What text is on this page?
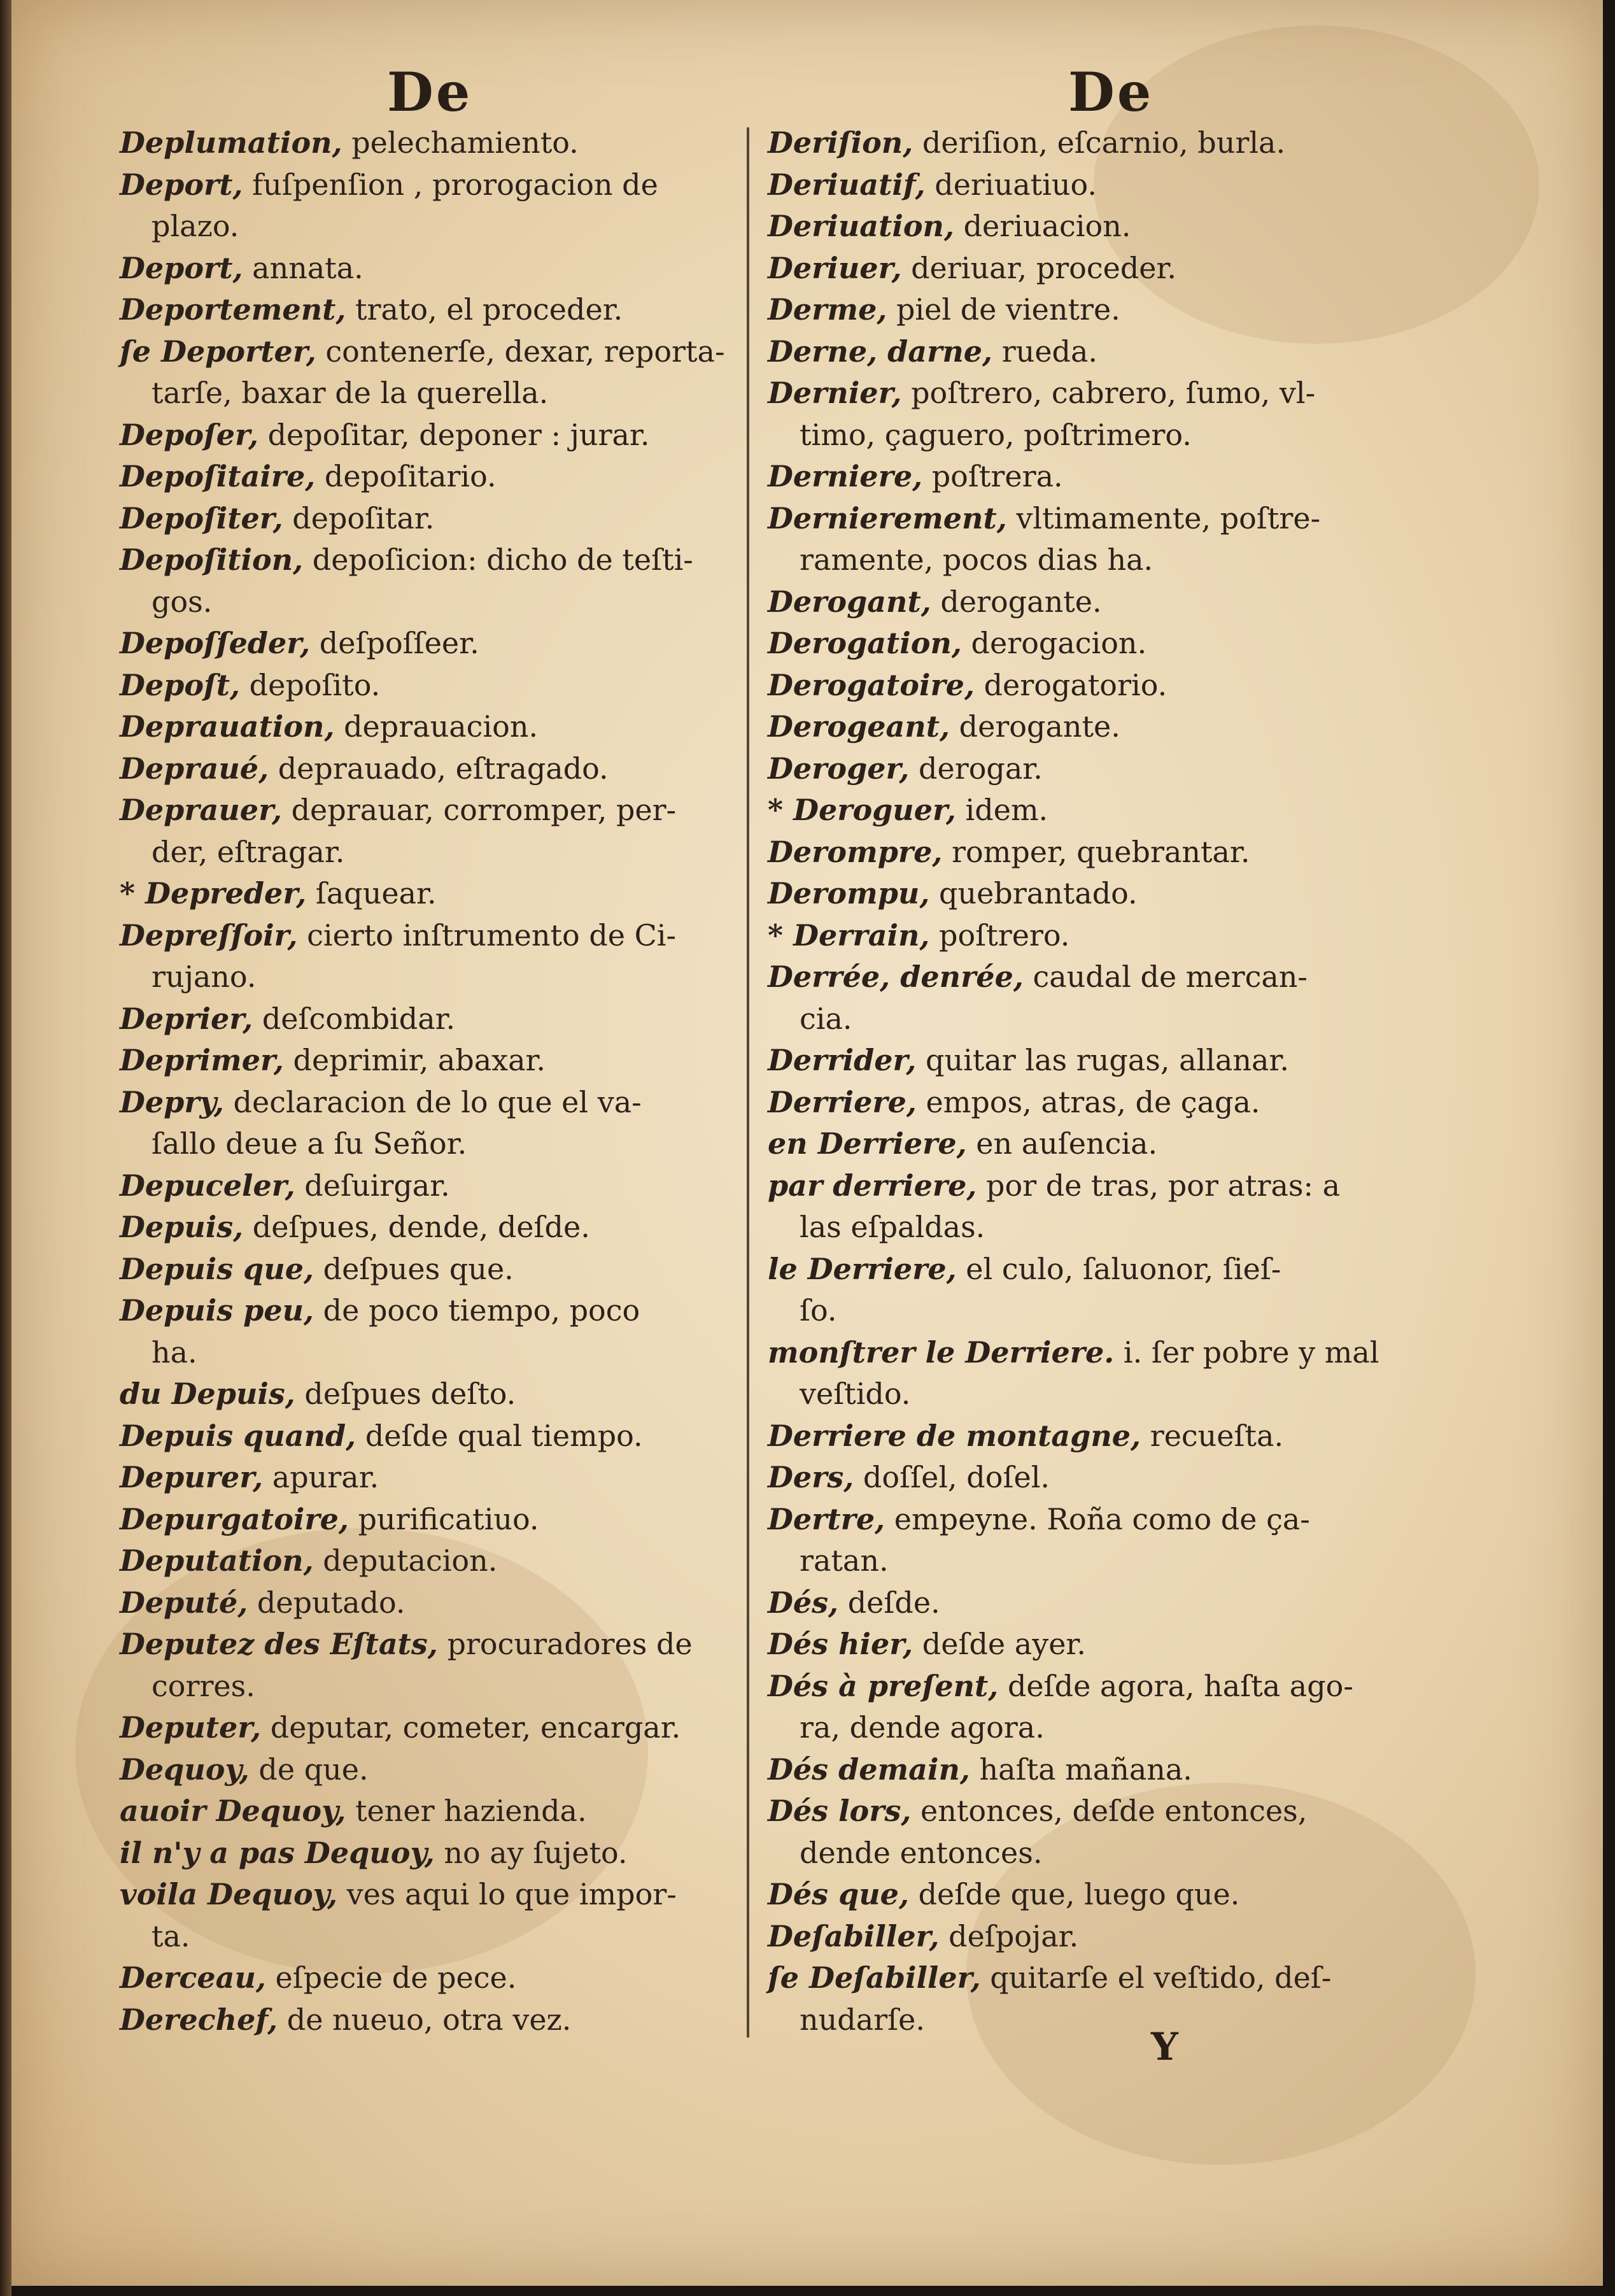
De	De
Deplumation, pelechamiento.
Deport, fuſpenſion , prorogacion de
plazo.
Deport, annata.
Deportement, trato, el proceder.
ſe Deporter, contenerſe, dexar, reporta-
tarſe, baxar de la querella.
Depoſer, depoſitar, deponer : jurar.
Depoſitaire, depoſitario.
Depoſiter, depoſitar.
Depoſition, depoſicion: dicho de teſti-
gos.
Depoſſeder, deſpoſſeer.
Depoſt, depoſito.
Deprauation, deprauacion.
Depraué, deprauado, eſtragado.
Deprauer, deprauar, corromper, per-
der, eſtragar.
* Depreder, ſaquear.
Depreſſoir, cierto inſtrumento de Ci-
rujano.
Deprier, deſcombidar.
Deprimer, deprimir, abaxar.
Depry, declaracion de lo que el va-
ſallo deue a ſu Señor.
Depuceler, deſuirgar.
Depuis, deſpues, dende, deſde.
Depuis que, deſpues que.
Depuis peu, de poco tiempo, poco
ha.
du Depuis, deſpues deſto.
Depuis quand, deſde qual tiempo.
Depurer, apurar.
Depurgatoire, purificatiuo.
Deputation, deputacion.
Deputé, deputado.
Deputez des Eſtats, procuradores de
corres.
Deputer, deputar, cometer, encargar.
Dequoy, de que.
auoir Dequoy, tener hazienda.
il n'y a pas Dequoy, no ay ſujeto.
voila Dequoy, ves aqui lo que impor-
ta.
Derceau, eſpecie de pece.
Derechef, de nueuo, otra vez.
Deriſion, deriſion, eſcarnio, burla.
Deriuatif, deriuatiuo.
Deriuation, deriuacion.
Deriuer, deriuar, proceder.
Derme, piel de vientre.
Derne, darne, rueda.
Dernier, poſtrero, cabrero, ſumo, vl-
timo, çaguero, poſtrimero.
Derniere, poſtrera.
Dernierement, vltimamente, poſtre-
ramente, pocos dias ha.
Derogant, derogante.
Derogation, derogacion.
Derogatoire, derogatorio.
Derogeant, derogante.
Deroger, derogar.
* Deroguer, idem.
Derompre, romper, quebrantar.
Derompu, quebrantado.
* Derrain, poſtrero.
Derrée, denrée, caudal de mercan-
cia.
Derrider, quitar las rugas, allanar.
Derriere, empos, atras, de çaga.
en Derriere, en auſencia.
par derriere, por de tras, por atras: a
las eſpaldas.
le Derriere, el culo, ſaluonor, ſieſ-
ſo.
monſtrer le Derriere. i. ſer pobre y mal
veſtido.
Derriere de montagne, recueſta.
Ders, doſſel, doſel.
Dertre, empeyne. Roña como de ça-
ratan.
Dés, deſde.
Dés hier, deſde ayer.
Dés à preſent, deſde agora, haſta ago-
ra, dende agora.
Dés demain, haſta mañana.
Dés lors, entonces, deſde entonces,
dende entonces.
Dés que, deſde que, luego que.
Deſabiller, deſpojar.
ſe Deſabiller, quitarſe el veſtido, deſ-
nudarſe.
Y
